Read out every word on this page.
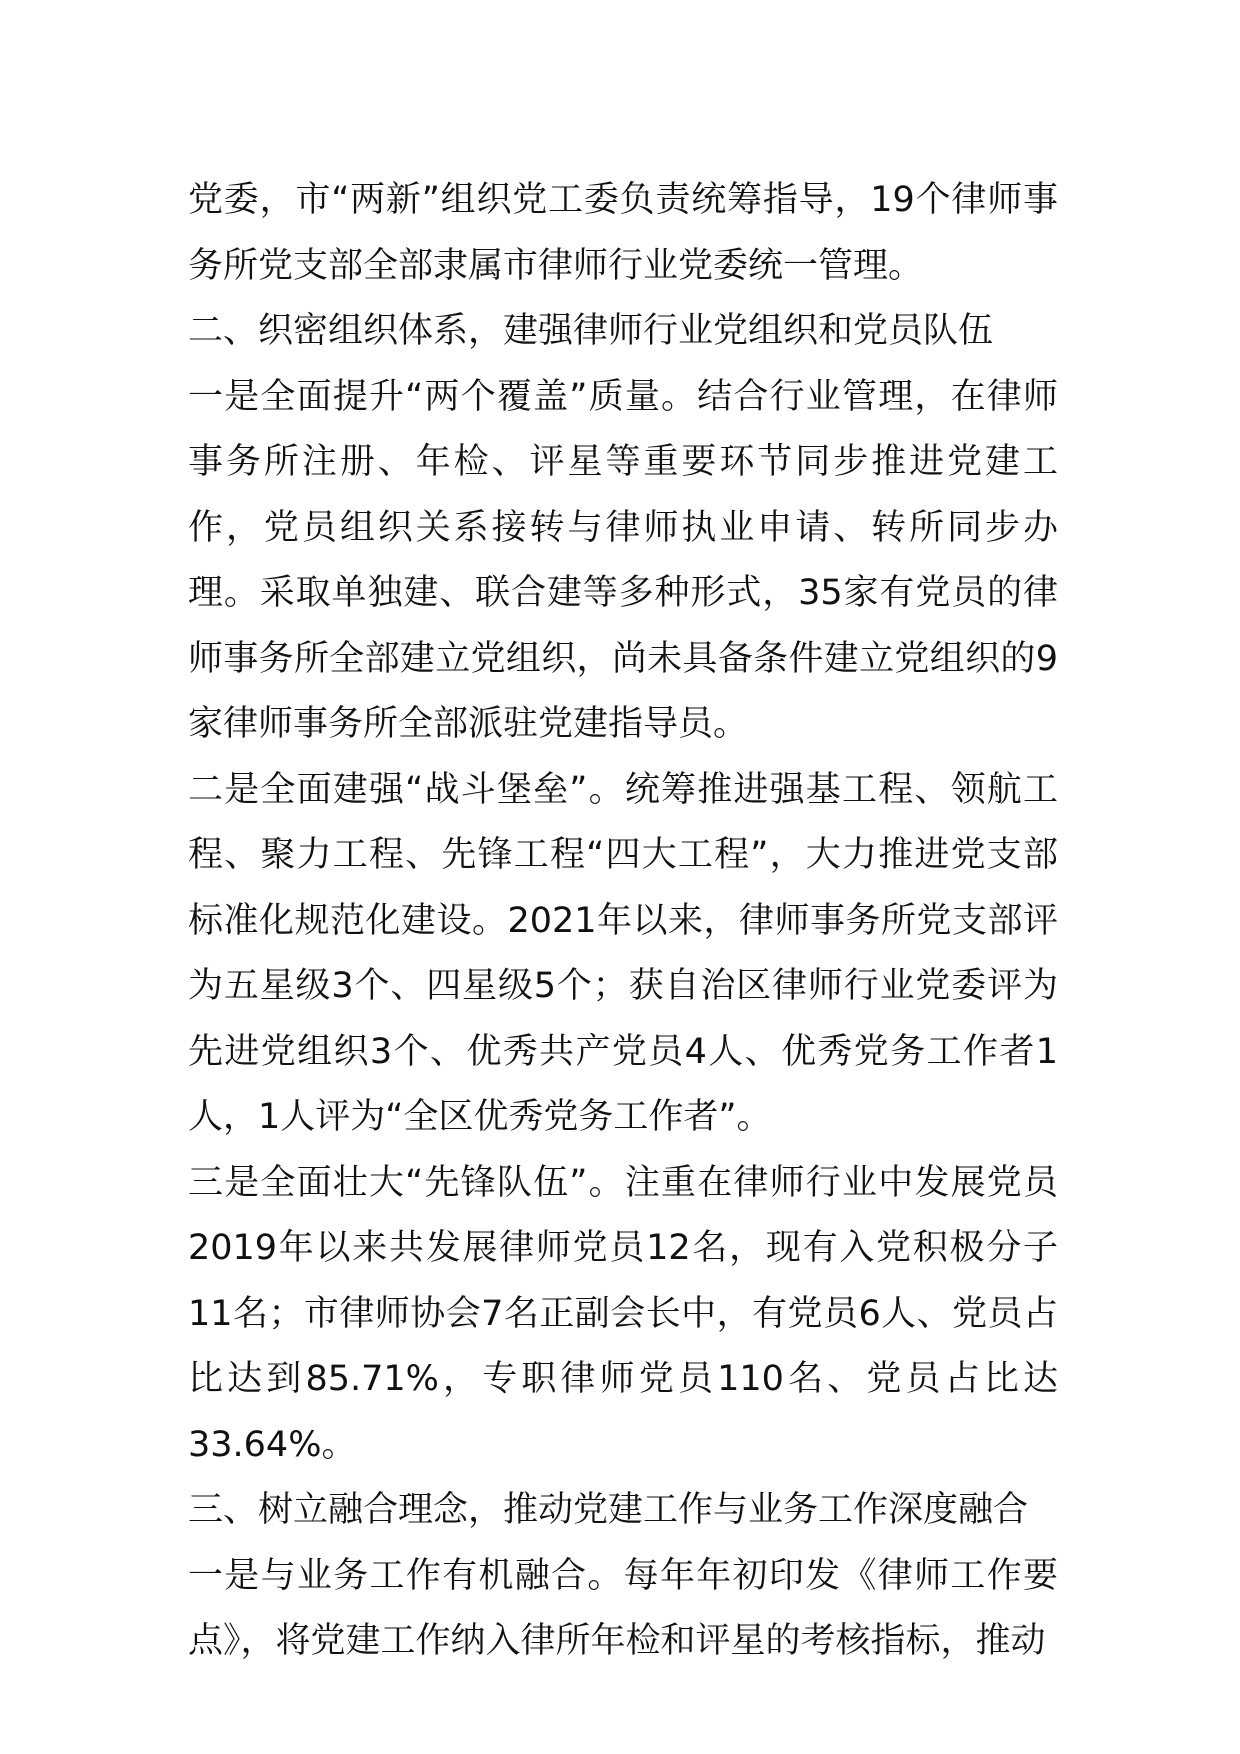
党委，市“两新”组织党工委负责统筹指导，19个律师事务所党支部全部隶属市律师行业党委统一管理。

二、织密组织体系，建强律师行业党组织和党员队伍

一是全面提升“两个覆盖”质量。结合行业管理，在律师事务所注册、年检、评星等重要环节同步推进党建工作，党员组织关系接转与律师执业申请、转所同步办理。采取单独建、联合建等多种形式，35家有党员的律师事务所全部建立党组织，尚未具备条件建立党组织的9家律师事务所全部派驻党建指导员。

二是全面建强“战斗堡垒”。统筹推进强基工程、领航工程、聚力工程、先锋工程“四大工程”，大力推进党支部标准化规范化建设。2021年以来，律师事务所党支部评为五星级3个、四星级5个；获自治区律师行业党委评为先进党组织3个、优秀共产党员4人、优秀党务工作者1人，1人评为“全区优秀党务工作者”。

三是全面壮大“先锋队伍”。注重在律师行业中发展党员2019年以来共发展律师党员12名，现有入党积极分子11名；市律师协会7名正副会长中，有党员6人、党员占比达到85.71%，专职律师党员110名、党员占比达33.64%。

三、树立融合理念，推动党建工作与业务工作深度融合

一是与业务工作有机融合。每年年初印发《律师工作要点》，将党建工作纳入律所年检和评星的考核指标，推动
